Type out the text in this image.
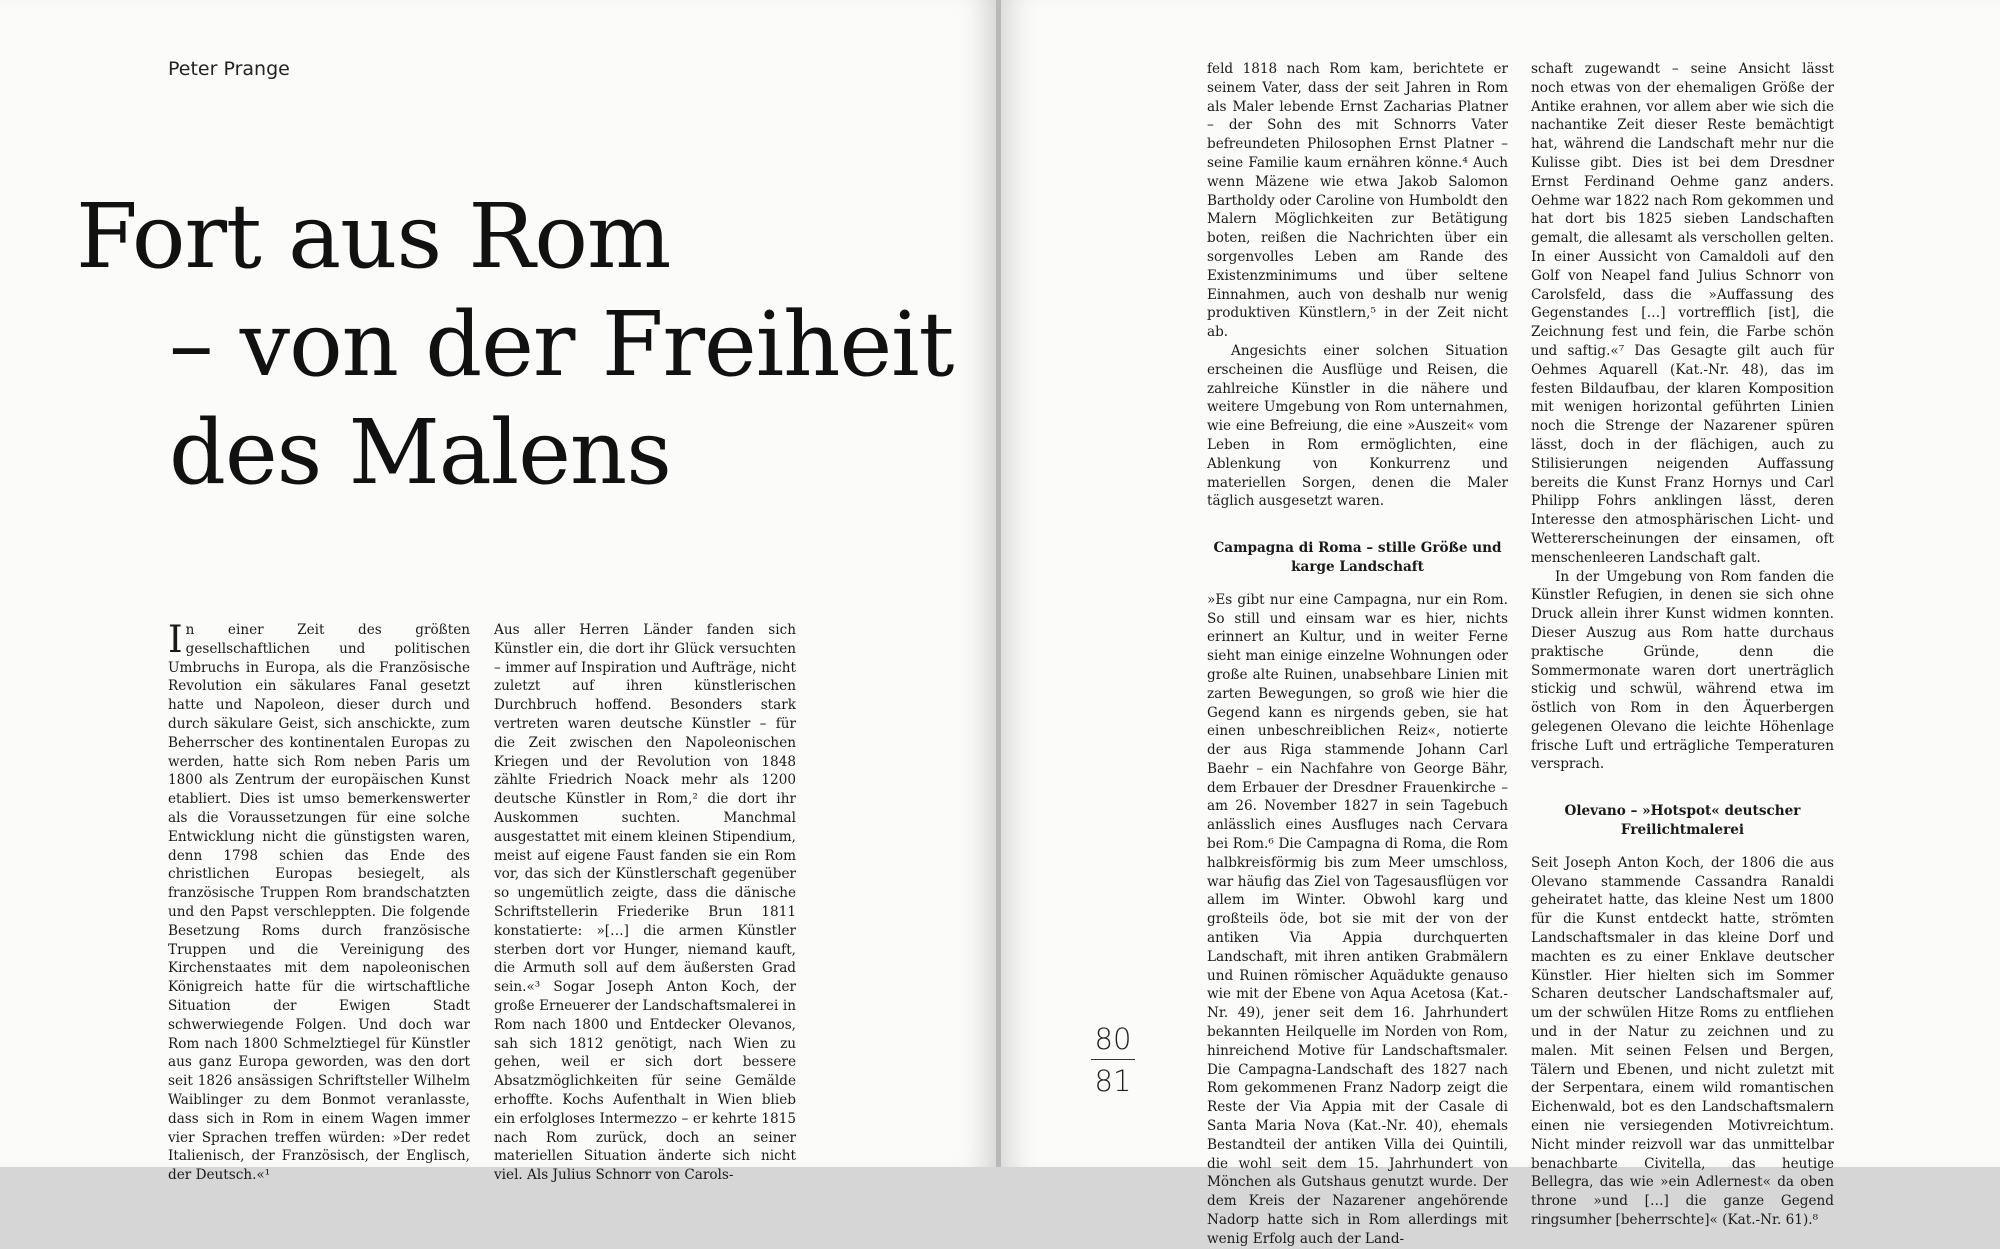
Peter Prange
Fort aus Rom
– von der Freiheit
des Malens

In einer Zeit des größten gesellschaftlichen und politischen Umbruchs in Europa, als die Französische Revolution ein säkulares Fanal gesetzt hatte und Napoleon, dieser durch und durch säkulare Geist, sich anschickte, zum Beherrscher des kontinentalen Europas zu werden, hatte sich Rom neben Paris um 1800 als Zentrum der europäischen Kunst etabliert. Dies ist umso bemerkenswerter als die Voraussetzungen für eine solche Entwicklung nicht die günstigsten waren, denn 1798 schien das Ende des christlichen Europas besiegelt, als französische Truppen Rom brandschatzten und den Papst verschleppten. Die folgende Besetzung Roms durch französische Truppen und die Vereinigung des Kirchenstaates mit dem napoleonischen Königreich hatte für die wirtschaftliche Situation der Ewigen Stadt schwerwiegende Folgen. Und doch war Rom nach 1800 Schmelztiegel für Künstler aus ganz Europa geworden, was den dort seit 1826 ansässigen Schriftsteller Wilhelm Waiblinger zu dem Bonmot veranlasste, dass sich in Rom in einem Wagen immer vier Sprachen treffen würden: »Der redet Italienisch, der Französisch, der Englisch, der Deutsch.«¹

Aus aller Herren Länder fanden sich Künstler ein, die dort ihr Glück versuchten – immer auf Inspiration und Aufträge, nicht zuletzt auf ihren künstlerischen Durchbruch hoffend. Besonders stark vertreten waren deutsche Künstler – für die Zeit zwischen den Napoleonischen Kriegen und der Revolution von 1848 zählte Friedrich Noack mehr als 1200 deutsche Künstler in Rom,² die dort ihr Auskommen suchten. Manchmal ausgestattet mit einem kleinen Stipendium, meist auf eigene Faust fanden sie ein Rom vor, das sich der Künstlerschaft gegenüber so ungemütlich zeigte, dass die dänische Schriftstellerin Friederike Brun 1811 konstatierte: »[…] die armen Künstler sterben dort vor Hunger, niemand kauft, die Armuth soll auf dem äußersten Grad sein.«³ Sogar Joseph Anton Koch, der große Erneuerer der Landschaftsmalerei in Rom nach 1800 und Entdecker Olevanos, sah sich 1812 genötigt, nach Wien zu gehen, weil er sich dort bessere Absatzmöglichkeiten für seine Gemälde erhoffte. Kochs Aufenthalt in Wien blieb ein erfolgloses Intermezzo – er kehrte 1815 nach Rom zurück, doch an seiner materiellen Situation änderte sich nicht viel. Als Julius Schnorr von Carols-

feld 1818 nach Rom kam, berichtete er seinem Vater, dass der seit Jahren in Rom als Maler lebende Ernst Zacharias Platner – der Sohn des mit Schnorrs Vater befreundeten Philosophen Ernst Platner – seine Familie kaum ernähren könne.⁴ Auch wenn Mäzene wie etwa Jakob Salomon Bartholdy oder Caroline von Humboldt den Malern Möglichkeiten zur Betätigung boten, reißen die Nachrichten über ein sorgenvolles Leben am Rande des Existenzminimums und über seltene Einnahmen, auch von deshalb nur wenig produktiven Künstlern,⁵ in der Zeit nicht ab.

Angesichts einer solchen Situation erscheinen die Ausflüge und Reisen, die zahlreiche Künstler in die nähere und weitere Umgebung von Rom unternahmen, wie eine Befreiung, die eine »Auszeit« vom Leben in Rom ermöglichten, eine Ablenkung von Konkurrenz und materiellen Sorgen, denen die Maler täglich ausgesetzt waren.

Campagna di Roma – stille Größe und karge Landschaft

»Es gibt nur eine Campagna, nur ein Rom. So still und einsam war es hier, nichts erinnert an Kultur, und in weiter Ferne sieht man einige einzelne Wohnungen oder große alte Ruinen, unabsehbare Linien mit zarten Bewegungen, so groß wie hier die Gegend kann es nirgends geben, sie hat einen unbeschreiblichen Reiz«, notierte der aus Riga stammende Johann Carl Baehr – ein Nachfahre von George Bähr, dem Erbauer der Dresdner Frauenkirche – am 26. November 1827 in sein Tagebuch anlässlich eines Ausfluges nach Cervara bei Rom.⁶ Die Campagna di Roma, die Rom halbkreisförmig bis zum Meer umschloss, war häufig das Ziel von Tagesausflügen vor allem im Winter. Obwohl karg und großteils öde, bot sie mit der von der antiken Via Appia durchquerten Landschaft, mit ihren antiken Grabmälern und Ruinen römischer Aquädukte genauso wie mit der Ebene von Aqua Acetosa (Kat.-Nr. 49), jener seit dem 16. Jahrhundert bekannten Heilquelle im Norden von Rom, hinreichend Motive für Landschaftsmaler. Die Campagna-Landschaft des 1827 nach Rom gekommenen Franz Nadorp zeigt die Reste der Via Appia mit der Casale di Santa Maria Nova (Kat.-Nr. 40), ehemals Bestandteil der antiken Villa dei Quintili, die wohl seit dem 15. Jahrhundert von Mönchen als Gutshaus genutzt wurde. Der dem Kreis der Nazarener angehörende Nadorp hatte sich in Rom allerdings mit wenig Erfolg auch der Land-

schaft zugewandt – seine Ansicht lässt noch etwas von der ehemaligen Größe der Antike erahnen, vor allem aber wie sich die nachantike Zeit dieser Reste bemächtigt hat, während die Landschaft mehr nur die Kulisse gibt. Dies ist bei dem Dresdner Ernst Ferdinand Oehme ganz anders. Oehme war 1822 nach Rom gekommen und hat dort bis 1825 sieben Landschaften gemalt, die allesamt als verschollen gelten. In einer Aussicht von Camaldoli auf den Golf von Neapel fand Julius Schnorr von Carolsfeld, dass die »Auffassung des Gegenstandes […] vortrefflich [ist], die Zeichnung fest und fein, die Farbe schön und saftig.«⁷ Das Gesagte gilt auch für Oehmes Aquarell (Kat.-Nr. 48), das im festen Bildaufbau, der klaren Komposition mit wenigen horizontal geführten Linien noch die Strenge der Nazarener spüren lässt, doch in der flächigen, auch zu Stilisierungen neigenden Auffassung bereits die Kunst Franz Hornys und Carl Philipp Fohrs anklingen lässt, deren Interesse den atmosphärischen Licht- und Wettererscheinungen der einsamen, oft menschenleeren Landschaft galt.

In der Umgebung von Rom fanden die Künstler Refugien, in denen sie sich ohne Druck allein ihrer Kunst widmen konnten. Dieser Auszug aus Rom hatte durchaus praktische Gründe, denn die Sommermonate waren dort unerträglich stickig und schwül, während etwa im östlich von Rom in den Äquerbergen gelegenen Olevano die leichte Höhenlage frische Luft und erträgliche Temperaturen versprach.

Olevano – »Hotspot« deutscher Freilichtmalerei

Seit Joseph Anton Koch, der 1806 die aus Olevano stammende Cassandra Ranaldi geheiratet hatte, das kleine Nest um 1800 für die Kunst entdeckt hatte, strömten Landschaftsmaler in das kleine Dorf und machten es zu einer Enklave deutscher Künstler. Hier hielten sich im Sommer Scharen deutscher Landschaftsmaler auf, um der schwülen Hitze Roms zu entfliehen und in der Natur zu zeichnen und zu malen. Mit seinen Felsen und Bergen, Tälern und Ebenen, und nicht zuletzt mit der Serpentara, einem wild romantischen Eichenwald, bot es den Landschaftsmalern einen nie versiegenden Motivreichtum. Nicht minder reizvoll war das unmittelbar benachbarte Civitella, das heutige Bellegra, das wie »ein Adlernest« da oben throne »und […] die ganze Gegend ringsumher [beherrschte]« (Kat.-Nr. 61).⁸

80
81
